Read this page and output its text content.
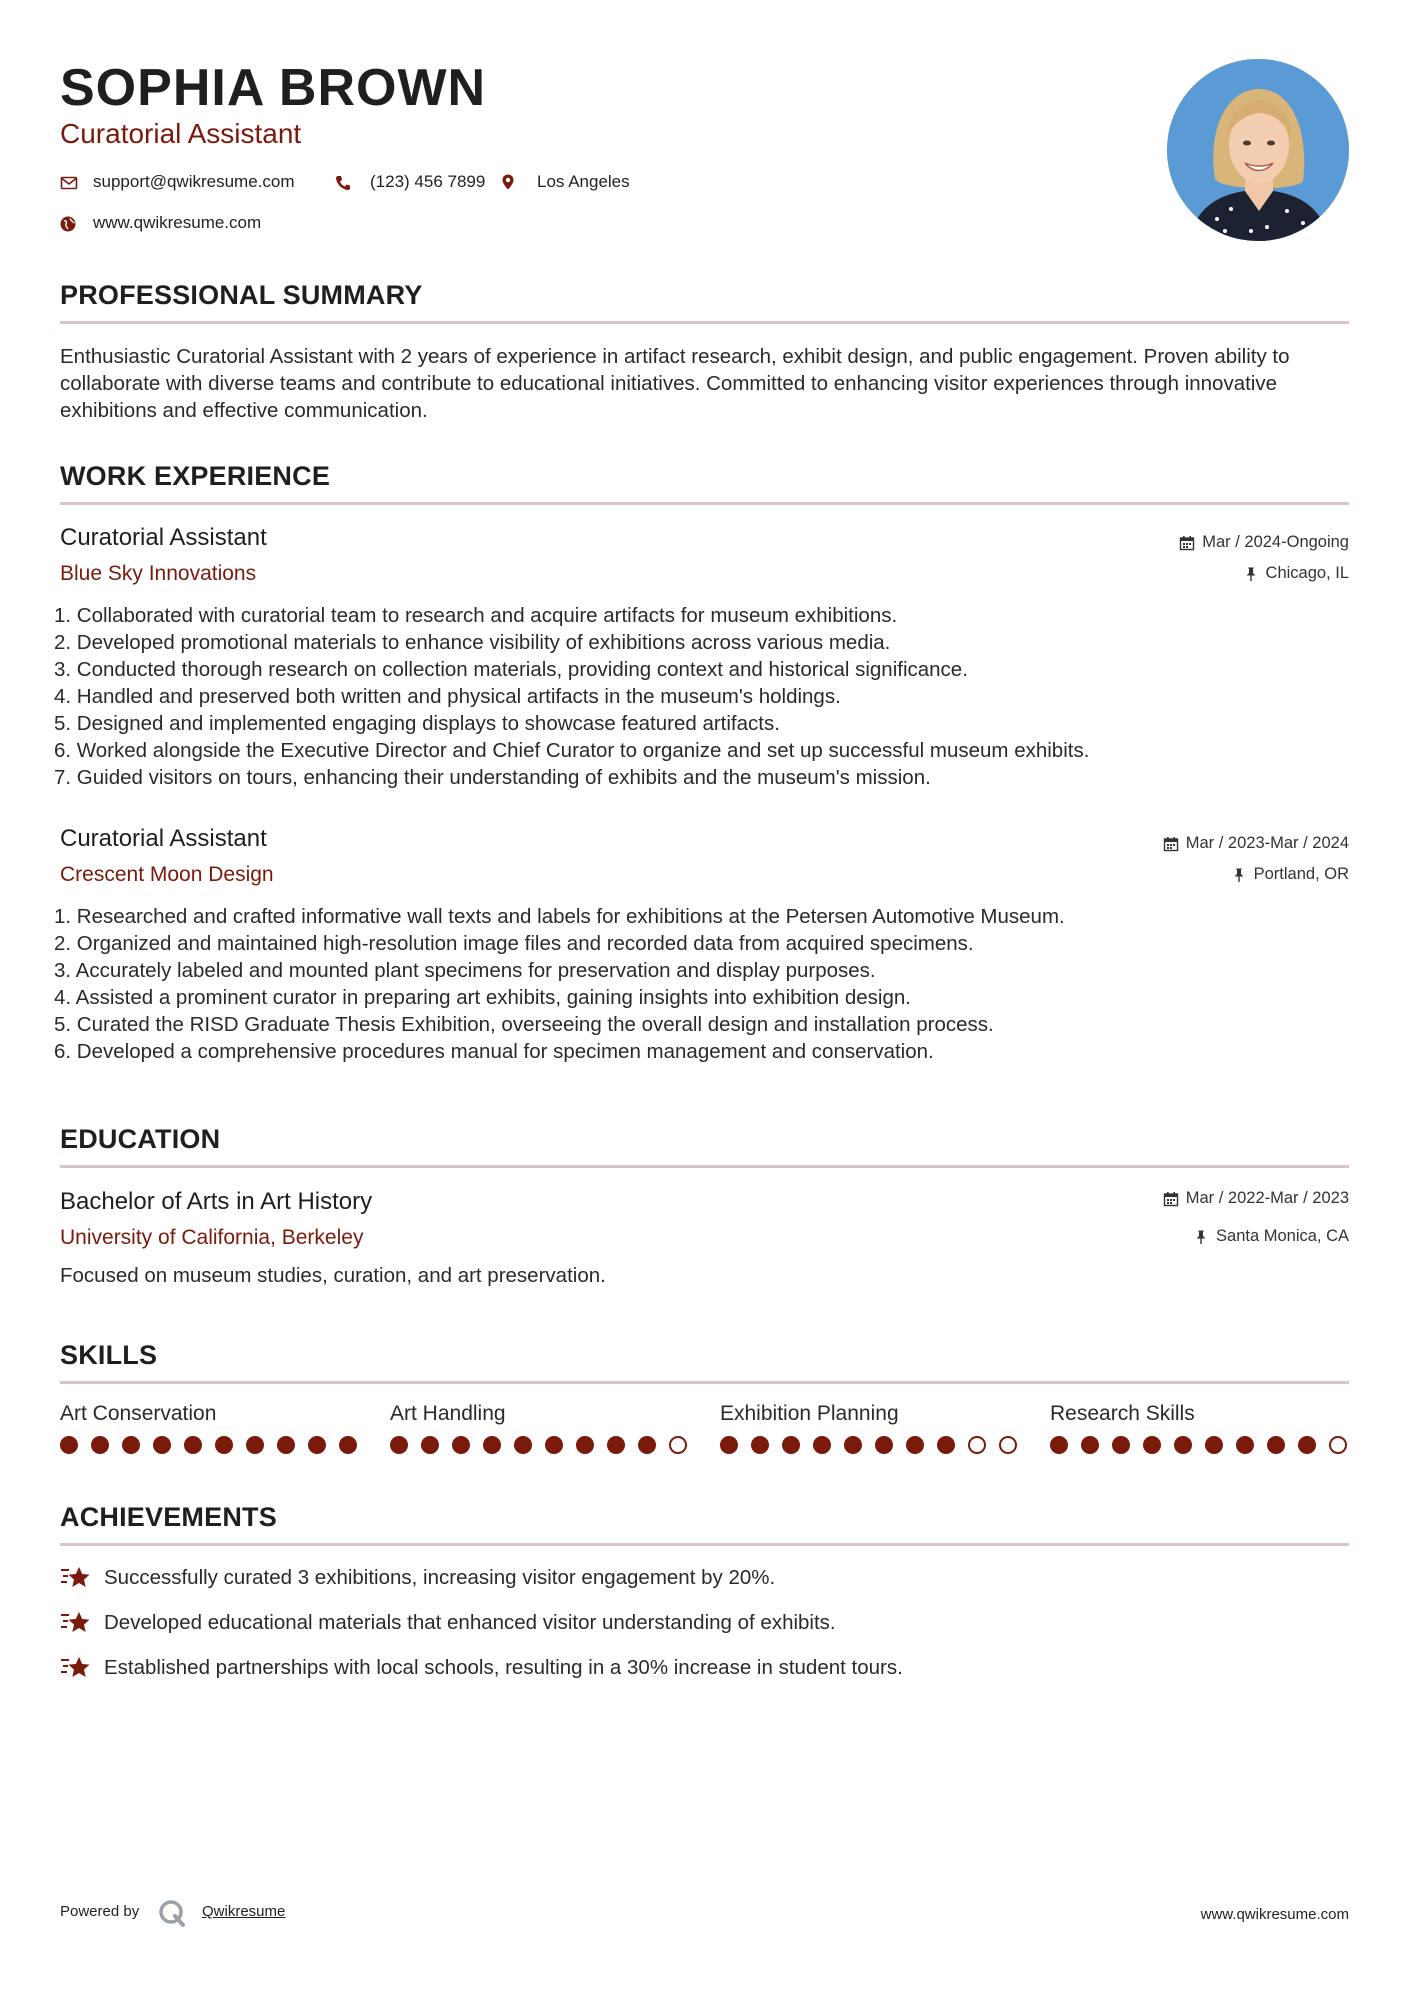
SOPHIA BROWN
Curatorial Assistant
support@qwikresume.com	(123) 456 7899	Los Angeles
www.qwikresume.com
PROFESSIONAL SUMMARY
Enthusiastic Curatorial Assistant with 2 years of experience in artifact research, exhibit design, and public engagement. Proven ability to collaborate with diverse teams and contribute to educational initiatives. Committed to enhancing visitor experiences through innovative exhibitions and effective communication.
WORK EXPERIENCE
Curatorial Assistant
Blue Sky Innovations
Mar / 2024-Ongoing
Chicago, IL
1. Collaborated with curatorial team to research and acquire artifacts for museum exhibitions.
2. Developed promotional materials to enhance visibility of exhibitions across various media.
3. Conducted thorough research on collection materials, providing context and historical significance.
4. Handled and preserved both written and physical artifacts in the museum's holdings.
5. Designed and implemented engaging displays to showcase featured artifacts.
6. Worked alongside the Executive Director and Chief Curator to organize and set up successful museum exhibits.
7. Guided visitors on tours, enhancing their understanding of exhibits and the museum's mission.
Curatorial Assistant
Crescent Moon Design
Mar / 2023-Mar / 2024
Portland, OR
1. Researched and crafted informative wall texts and labels for exhibitions at the Petersen Automotive Museum.
2. Organized and maintained high-resolution image files and recorded data from acquired specimens.
3. Accurately labeled and mounted plant specimens for preservation and display purposes.
4. Assisted a prominent curator in preparing art exhibits, gaining insights into exhibition design.
5. Curated the RISD Graduate Thesis Exhibition, overseeing the overall design and installation process.
6. Developed a comprehensive procedures manual for specimen management and conservation.
EDUCATION
Bachelor of Arts in Art History
University of California, Berkeley
Mar / 2022-Mar / 2023
Santa Monica, CA
Focused on museum studies, curation, and art preservation.
SKILLS
Art Conservation	Art Handling	Exhibition Planning	Research Skills
ACHIEVEMENTS
Successfully curated 3 exhibitions, increasing visitor engagement by 20%.
Developed educational materials that enhanced visitor understanding of exhibits.
Established partnerships with local schools, resulting in a 30% increase in student tours.
Powered by	Qwikresume	www.qwikresume.com
